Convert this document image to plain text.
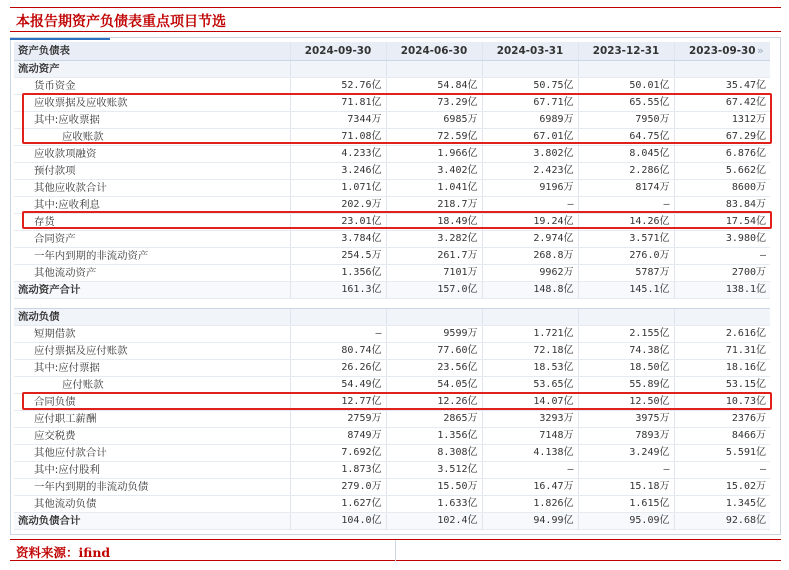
本报告期资产负债表重点项目节选
资产负债表	2024-09-30	2024-06-30	2024-03-31	2023-12-31	2023-09-30
流动资产					
货币资金	52.76亿	54.84亿	50.75亿	50.01亿	35.47亿
应收票据及应收账款	71.81亿	73.29亿	67.71亿	65.55亿	67.42亿
其中:应收票据	7344万	6985万	6989万	7950万	1312万
应收账款	71.08亿	72.59亿	67.01亿	64.75亿	67.29亿
应收款项融资	4.233亿	1.966亿	3.802亿	8.045亿	6.876亿
预付款项	3.246亿	3.402亿	2.423亿	2.286亿	5.662亿
其他应收款合计	1.071亿	1.041亿	9196万	8174万	8600万
其中:应收利息	202.9万	218.7万	—	—	83.84万
存货	23.01亿	18.49亿	19.24亿	14.26亿	17.54亿
合同资产	3.784亿	3.282亿	2.974亿	3.571亿	3.980亿
一年内到期的非流动资产	254.5万	261.7万	268.8万	276.0万	—
其他流动资产	1.356亿	7101万	9962万	5787万	2700万
流动资产合计	161.3亿	157.0亿	148.8亿	145.1亿	138.1亿

流动负债					
短期借款	—	9599万	1.721亿	2.155亿	2.616亿
应付票据及应付账款	80.74亿	77.60亿	72.18亿	74.38亿	71.31亿
其中:应付票据	26.26亿	23.56亿	18.53亿	18.50亿	18.16亿
应付账款	54.49亿	54.05亿	53.65亿	55.89亿	53.15亿
合同负债	12.77亿	12.26亿	14.07亿	12.50亿	10.73亿
应付职工薪酬	2759万	2865万	3293万	3975万	2376万
应交税费	8749万	1.356亿	7148万	7893万	8466万
其他应付款合计	7.692亿	8.308亿	4.138亿	3.249亿	5.591亿
其中:应付股利	1.873亿	3.512亿	—	—	—
一年内到期的非流动负债	279.0万	15.50万	16.47万	15.18万	15.02万
其他流动负债	1.627亿	1.633亿	1.826亿	1.615亿	1.345亿
流动负债合计	104.0亿	102.4亿	94.99亿	95.09亿	92.68亿
»
资料来源：ifind
